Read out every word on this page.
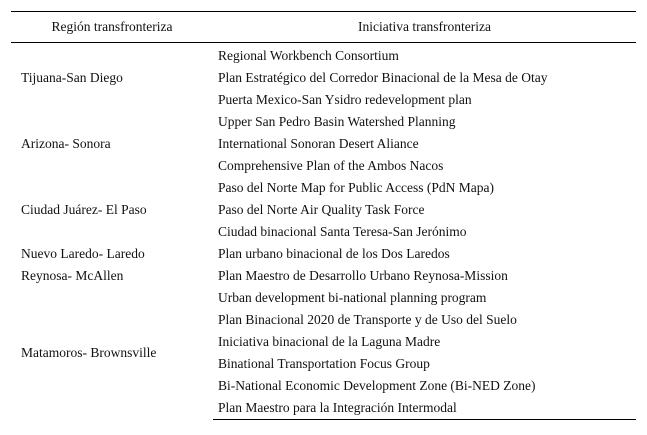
Región transfronteriza	Iniciativa transfronteriza
Tijuana-San Diego	Regional Workbench Consortium
	Plan Estratégico del Corredor Binacional de la Mesa de Otay
	Puerta Mexico-San Ysidro redevelopment plan
Arizona- Sonora	Upper San Pedro Basin Watershed Planning
	International Sonoran Desert Aliance
	Comprehensive Plan of the Ambos Nacos
Ciudad Juárez- El Paso	Paso del Norte Map for Public Access (PdN Mapa)
	Paso del Norte Air Quality Task Force
	Ciudad binacional Santa Teresa-San Jerónimo
Nuevo Laredo- Laredo	Plan urbano binacional de los Dos Laredos
Reynosa- McAllen	Plan Maestro de Desarrollo Urbano Reynosa-Mission
Matamoros- Brownsville	Urban development bi-national planning program
	Plan Binacional 2020 de Transporte y de Uso del Suelo
	Iniciativa binacional de la Laguna Madre
	Binational Transportation Focus Group
	Bi-National Economic Development Zone (Bi-NED Zone)
	Plan Maestro para la Integración Intermodal
